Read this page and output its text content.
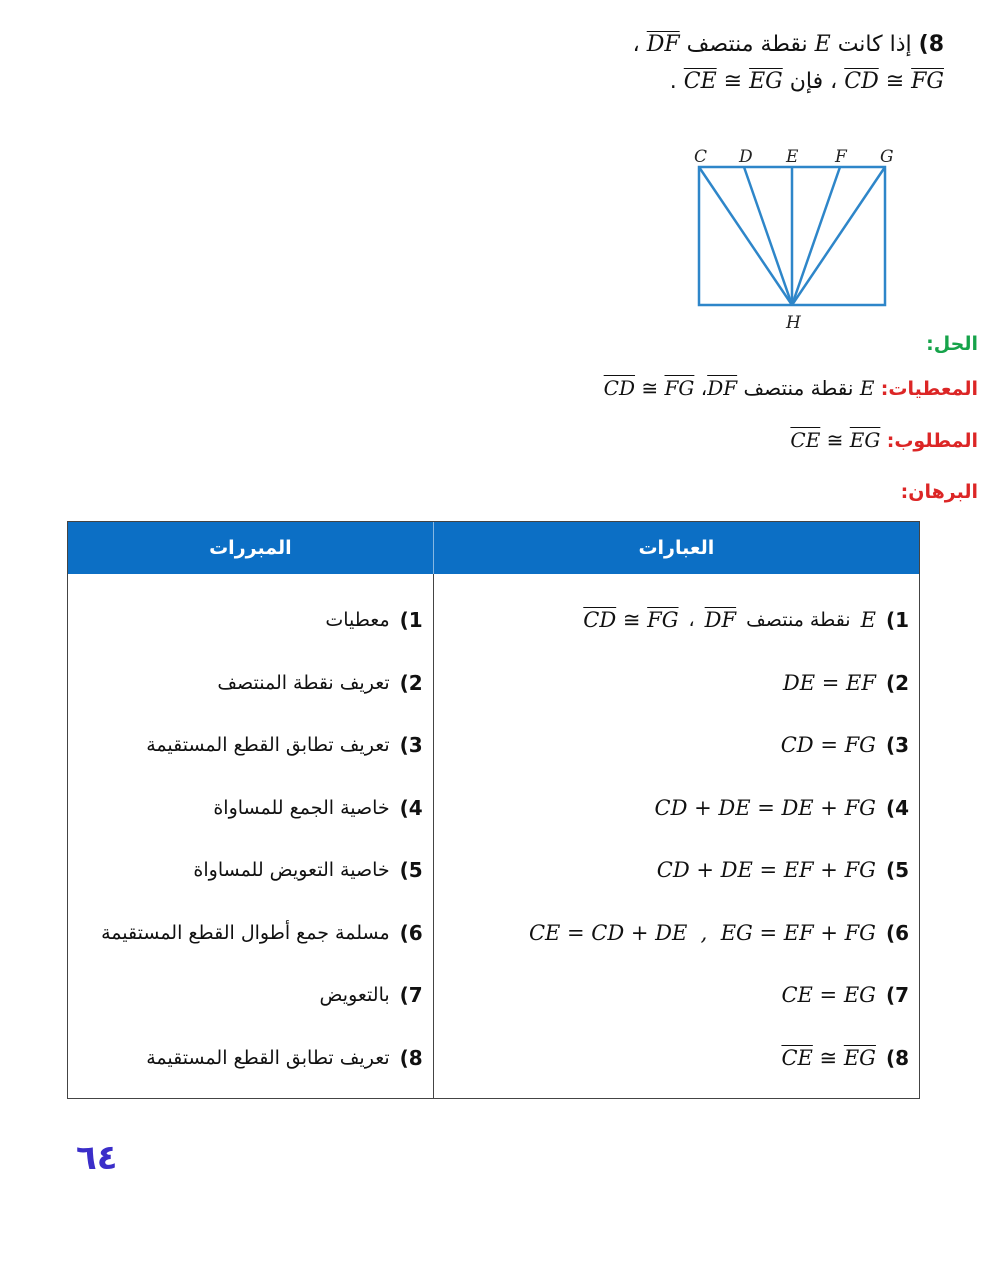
8) إذا كانت E نقطة منتصف $\overline{DF}$ ،
$\overline{CD}$ ≅ $\overline{FG}$ ، فإن $\overline{CE}$ ≅ $\overline{EG}$ .
C D E F G
H
الحل:
المعطيات: E نقطة منتصف $\overline{DF}،$ $\overline{CD}$ ≅ $\overline{FG}$
المطلوب: $\overline{CE}$ ≅ $\overline{EG}$
البرهان:
المبررات	العبارات
1)
معطيات
2)
تعريف نقطة المنتصف
3)
تعريف تطابق القطع المستقيمة
4)
خاصية الجمع للمساواة
5)
خاصية التعويض للمساواة
6)
مسلمة جمع أطوال القطع المستقيمة
7)
بالتعويض
8)
تعريف تطابق القطع المستقيمة
1)
E
نقطة منتصف
$\overline{DF}$
،
$\overline{CD}$ ≅ $\overline{FG}$
2)
DE = EF
3)
CD = FG
4)
CD + DE = DE + FG
5)
CD + DE = EF + FG
6)
CE = CD + DE  ,  EG = EF + FG
7)
CE = EG
8)
$\overline{CE}$ ≅ $\overline{EG}$
٦٤
